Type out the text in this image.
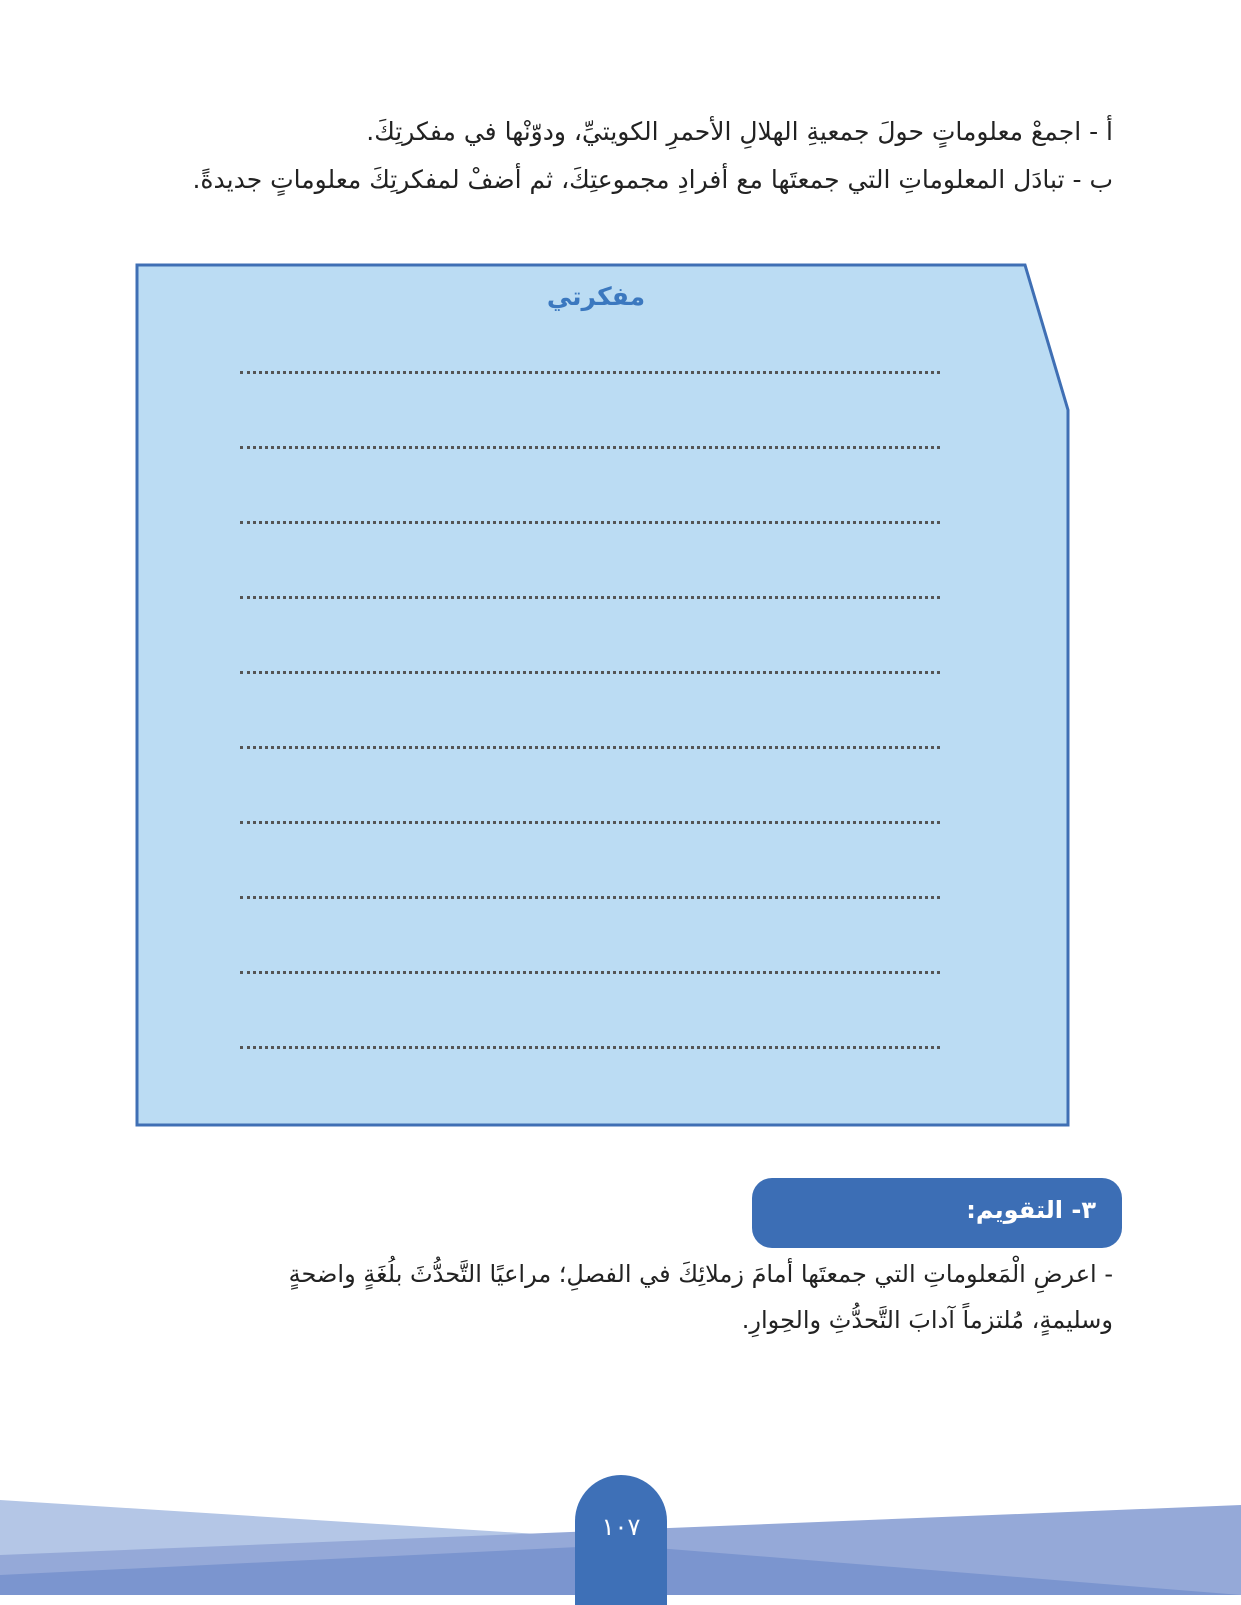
أ - اجمعْ معلوماتٍ حولَ جمعيةِ الهلالِ الأحمرِ الكويتيِّ، ودوّنْها في مفكرتِكَ.
ب - تبادَل المعلوماتِ التي جمعتَها مع أفرادِ مجموعتِكَ، ثم أضفْ لمفكرتِكَ معلوماتٍ جديدةً.
مفكرتي
٣- التقويم:
- اعرضِ الْمَعلوماتِ التي جمعتَها أمامَ زملائِكَ في الفصلِ؛ مراعيًا التَّحدُّثَ بلُغَةٍ واضحةٍ
وسليمةٍ، مُلتزماً آدابَ التَّحدُّثِ والحِوارِ.
١٠٧
